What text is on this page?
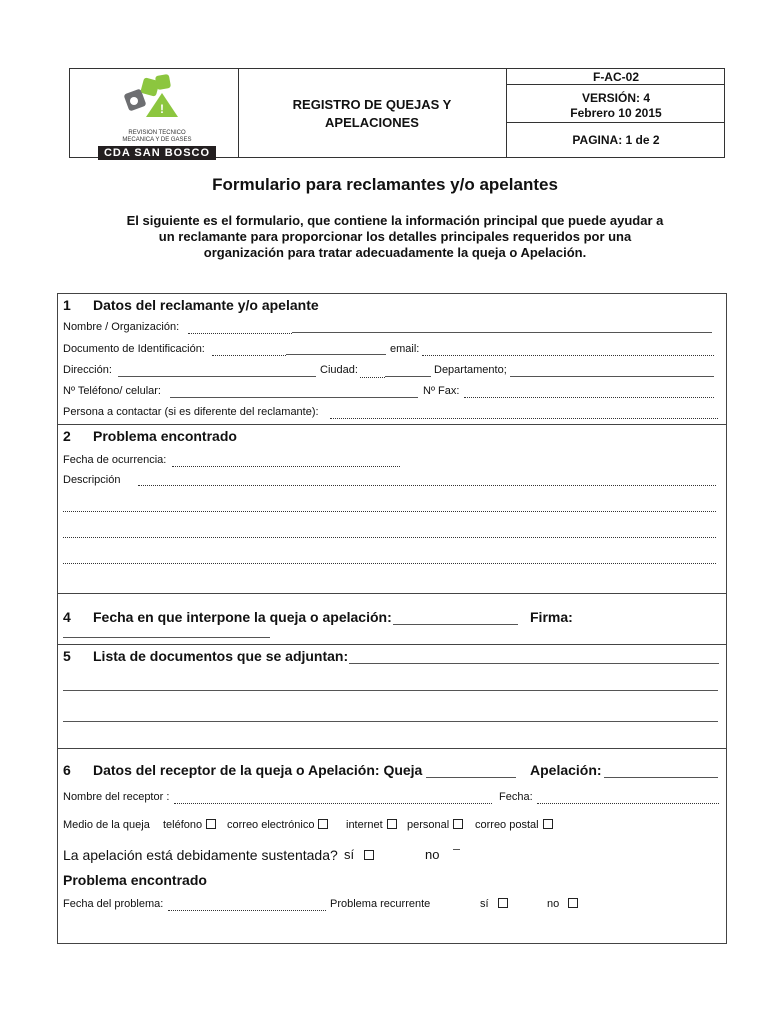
!
REVISION TECNICO
MECANICA Y DE GASES
CDA SAN BOSCO
REGISTRO DE QUEJAS Y
APELACIONES
F-AC-02
VERSIÓN: 4
Febrero 10 2015
PAGINA: 1 de 2
Formulario para reclamantes y/o apelantes
El siguiente es el formulario, que contiene la información principal que puede ayudar a
un reclamante para proporcionar los detalles principales requeridos por una
organización para tratar adecuadamente la queja o Apelación.
1 Datos del reclamante y/o apelante
Nombre / Organización:
Documento de Identificación:	email:
Dirección:	Ciudad:	Departamento;
Nº Teléfono/ celular:	Nº Fax:
Persona a contactar (si es diferente del reclamante):
2 Problema encontrado
Fecha de ocurrencia:
Descripción
4 Fecha en que interpone la queja o apelación:	Firma:
5 Lista de documentos que se adjuntan:
6 Datos del receptor de la queja o Apelación: Queja	Apelación:
Nombre del receptor :	Fecha:
Medio de la queja teléfono	correo electrónico	internet	personal	correo postal
La apelación está debidamente sustentada? sí	no
Problema encontrado
Fecha del problema:	Problema recurrente	sí	no
